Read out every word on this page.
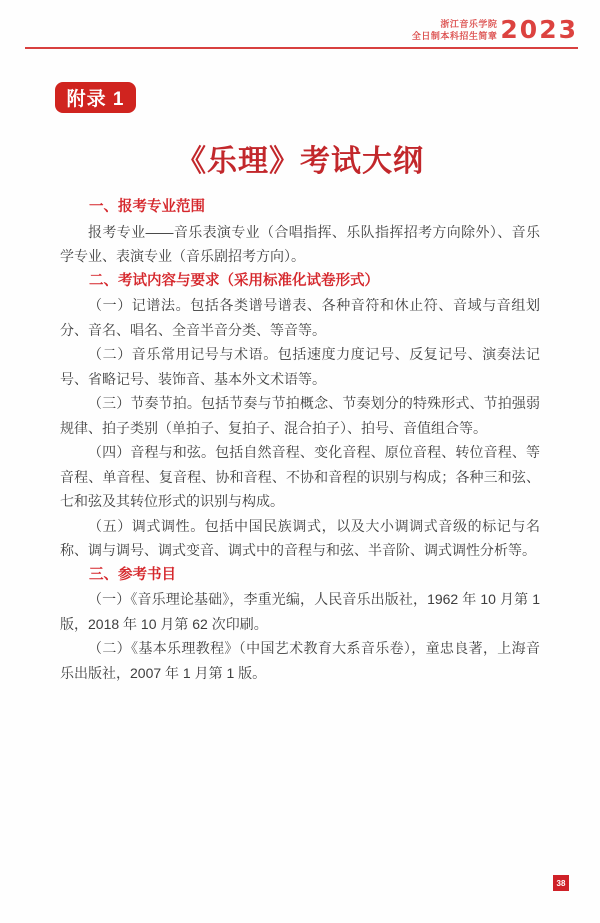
浙江音乐学院
全日制本科招生简章 2023
附录 1
《乐理》考试大纲
一、报考专业范围

报考专业——音乐表演专业（合唱指挥、乐队指挥招考方向除外）、音乐学专业、表演专业（音乐剧招考方向）。

二、考试内容与要求（采用标准化试卷形式）

（一）记谱法。包括各类谱号谱表、各种音符和休止符、音域与音组划分、音名、唱名、全音半音分类、等音等。

（二）音乐常用记号与术语。包括速度力度记号、反复记号、演奏法记号、省略记号、装饰音、基本外文术语等。

（三）节奏节拍。包括节奏与节拍概念、节奏划分的特殊形式、节拍强弱规律、拍子类别（单拍子、复拍子、混合拍子）、拍号、音值组合等。

（四）音程与和弦。包括自然音程、变化音程、原位音程、转位音程、等音程、单音程、复音程、协和音程、不协和音程的识别与构成；各种三和弦、七和弦及其转位形式的识别与构成。

（五）调式调性。包括中国民族调式，以及大小调调式音级的标记与名称、调与调号、调式变音、调式中的音程与和弦、半音阶、调式调性分析等。

三、参考书目

（一）《音乐理论基础》，李重光编，人民音乐出版社，1962 年 10 月第 1 版，2018 年 10 月第 62 次印刷。

（二）《基本乐理教程》（中国艺术教育大系音乐卷），童忠良著，上海音乐出版社，2007 年 1 月第 1 版。

38
